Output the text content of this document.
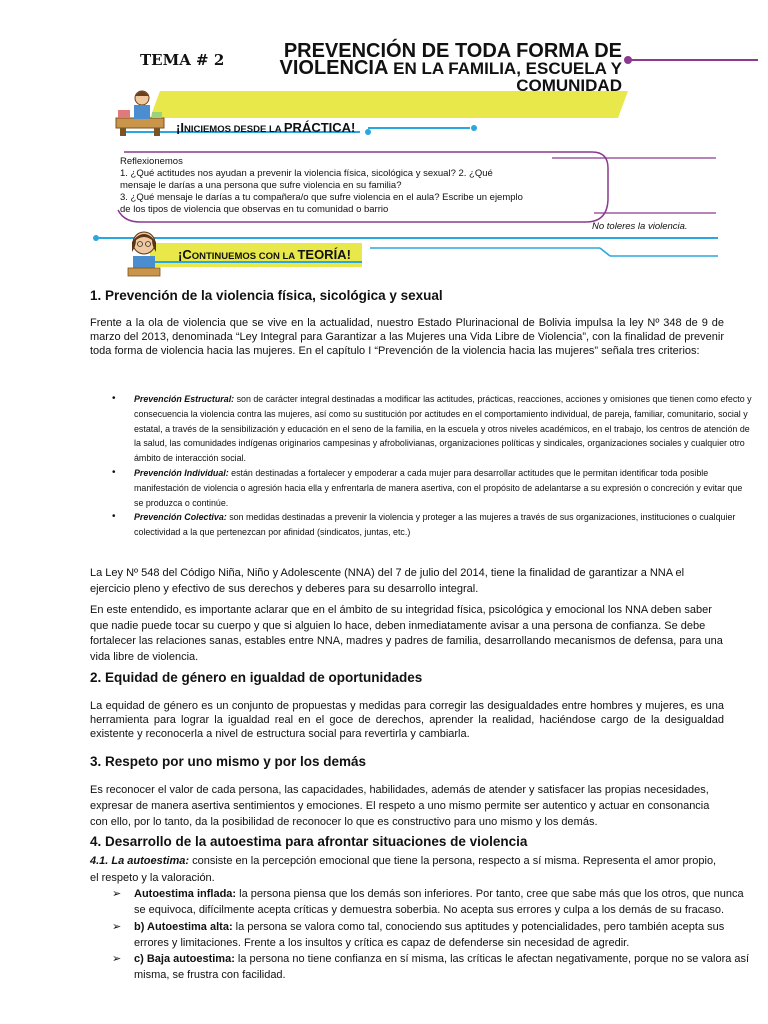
TEMA # 2	PREVENCIÓN DE TODA FORMA DE
VIOLENCIA EN LA FAMILIA, ESCUELA Y
COMUNIDAD
¡INICIEMOS DESDE LA PRÁCTICA!

Reflexionemos

1. ¿Qué actitudes nos ayudan a prevenir la violencia física, sicológica y sexual? 2. ¿Qué mensaje le darías a una persona que sufre violencia en su familia?

3. ¿Qué mensaje le darías a tu compañera/o que sufre violencia en el aula? Escribe un ejemplo de los tipos de violencia que observas en tu comunidad o barrio

No toleres la violencia.
¡CONTINUEMOS CON LA TEORÍA!
1. Prevención de la violencia física, sicológica y sexual

Frente a la ola de violencia que se vive en la actualidad, nuestro Estado Plurinacional de Bolivia impulsa la ley Nº 348 de 9 de marzo del 2013, denominada “Ley Integral para Garantizar a las Mujeres una Vida Libre de Violencia”, con la finalidad de prevenir toda forma de violencia hacia las mujeres. En el capítulo I “Prevención de la violencia hacia las mujeres” señala tres criterios:

• Prevención Estructural: son de carácter integral destinadas a modificar las actitudes, prácticas, reacciones, acciones y omisiones que tienen como efecto y consecuencia la violencia contra las mujeres, así como su sustitución por actitudes en el comportamiento individual, de pareja, familiar, comunitario, social y estatal, a través de la sensibilización y educación en el seno de la familia, en la escuela y otros niveles académicos, en el trabajo, los centros de atención de la salud, las comunidades indígenas originarios campesinas y afrobolivianas, organizaciones políticas y sindicales, organizaciones sociales y cualquier otro ámbito de interacción social.
• Prevención Individual: están destinadas a fortalecer y empoderar a cada mujer para desarrollar actitudes que le permitan identificar toda posible manifestación de violencia o agresión hacia ella y enfrentarla de manera asertiva, con el propósito de adelantarse a su expresión o concreción y evitar que se produzca o continúe.
• Prevención Colectiva: son medidas destinadas a prevenir la violencia y proteger a las mujeres a través de sus organizaciones, instituciones o cualquier colectividad a la que pertenezcan por afinidad (sindicatos, juntas, etc.)

La Ley Nº 548 del Código Niña, Niño y Adolescente (NNA) del 7 de julio del 2014, tiene la finalidad de garantizar a NNA el ejercicio pleno y efectivo de sus derechos y deberes para su desarrollo integral.

En este entendido, es importante aclarar que en el ámbito de su integridad física, psicológica y emocional los NNA deben saber que nadie puede tocar su cuerpo y que si alguien lo hace, deben inmediatamente avisar a una persona de confianza. Se debe fortalecer las relaciones sanas, estables entre NNA, madres y padres de familia, desarrollando mecanismos de defensa, para una vida libre de violencia.

2. Equidad de género en igualdad de oportunidades

La equidad de género es un conjunto de propuestas y medidas para corregir las desigualdades entre hombres y mujeres, es una herramienta para lograr la igualdad real en el goce de derechos, aprender la realidad, haciéndose cargo de la desigualdad existente y reconocerla a nivel de estructura social para revertirla y cambiarla.

3. Respeto por uno mismo y por los demás

Es reconocer el valor de cada persona, las capacidades, habilidades, además de atender y satisfacer las propias necesidades, expresar de manera asertiva sentimientos y emociones. El respeto a uno mismo permite ser autentico y actuar en consonancia con ello, por lo tanto, da la posibilidad de reconocer lo que es constructivo para uno mismo y los demás.

4. Desarrollo de la autoestima para afrontar situaciones de violencia

4.1. La autoestima: consiste en la percepción emocional que tiene la persona, respecto a sí misma. Representa el amor propio, el respeto y la valoración.

➢ Autoestima inflada: la persona piensa que los demás son inferiores. Por tanto, cree que sabe más que los otros, que nunca se equivoca, difícilmente acepta críticas y demuestra soberbia. No acepta sus errores y culpa a los demás de su fracaso.
➢ b) Autoestima alta: la persona se valora como tal, conociendo sus aptitudes y potencialidades, pero también acepta sus errores y limitaciones. Frente a los insultos y crítica es capaz de defenderse sin necesidad de agredir.
➢ c) Baja autoestima: la persona no tiene confianza en sí misma, las críticas le afectan negativamente, porque no se valora así misma, se frustra con facilidad.
